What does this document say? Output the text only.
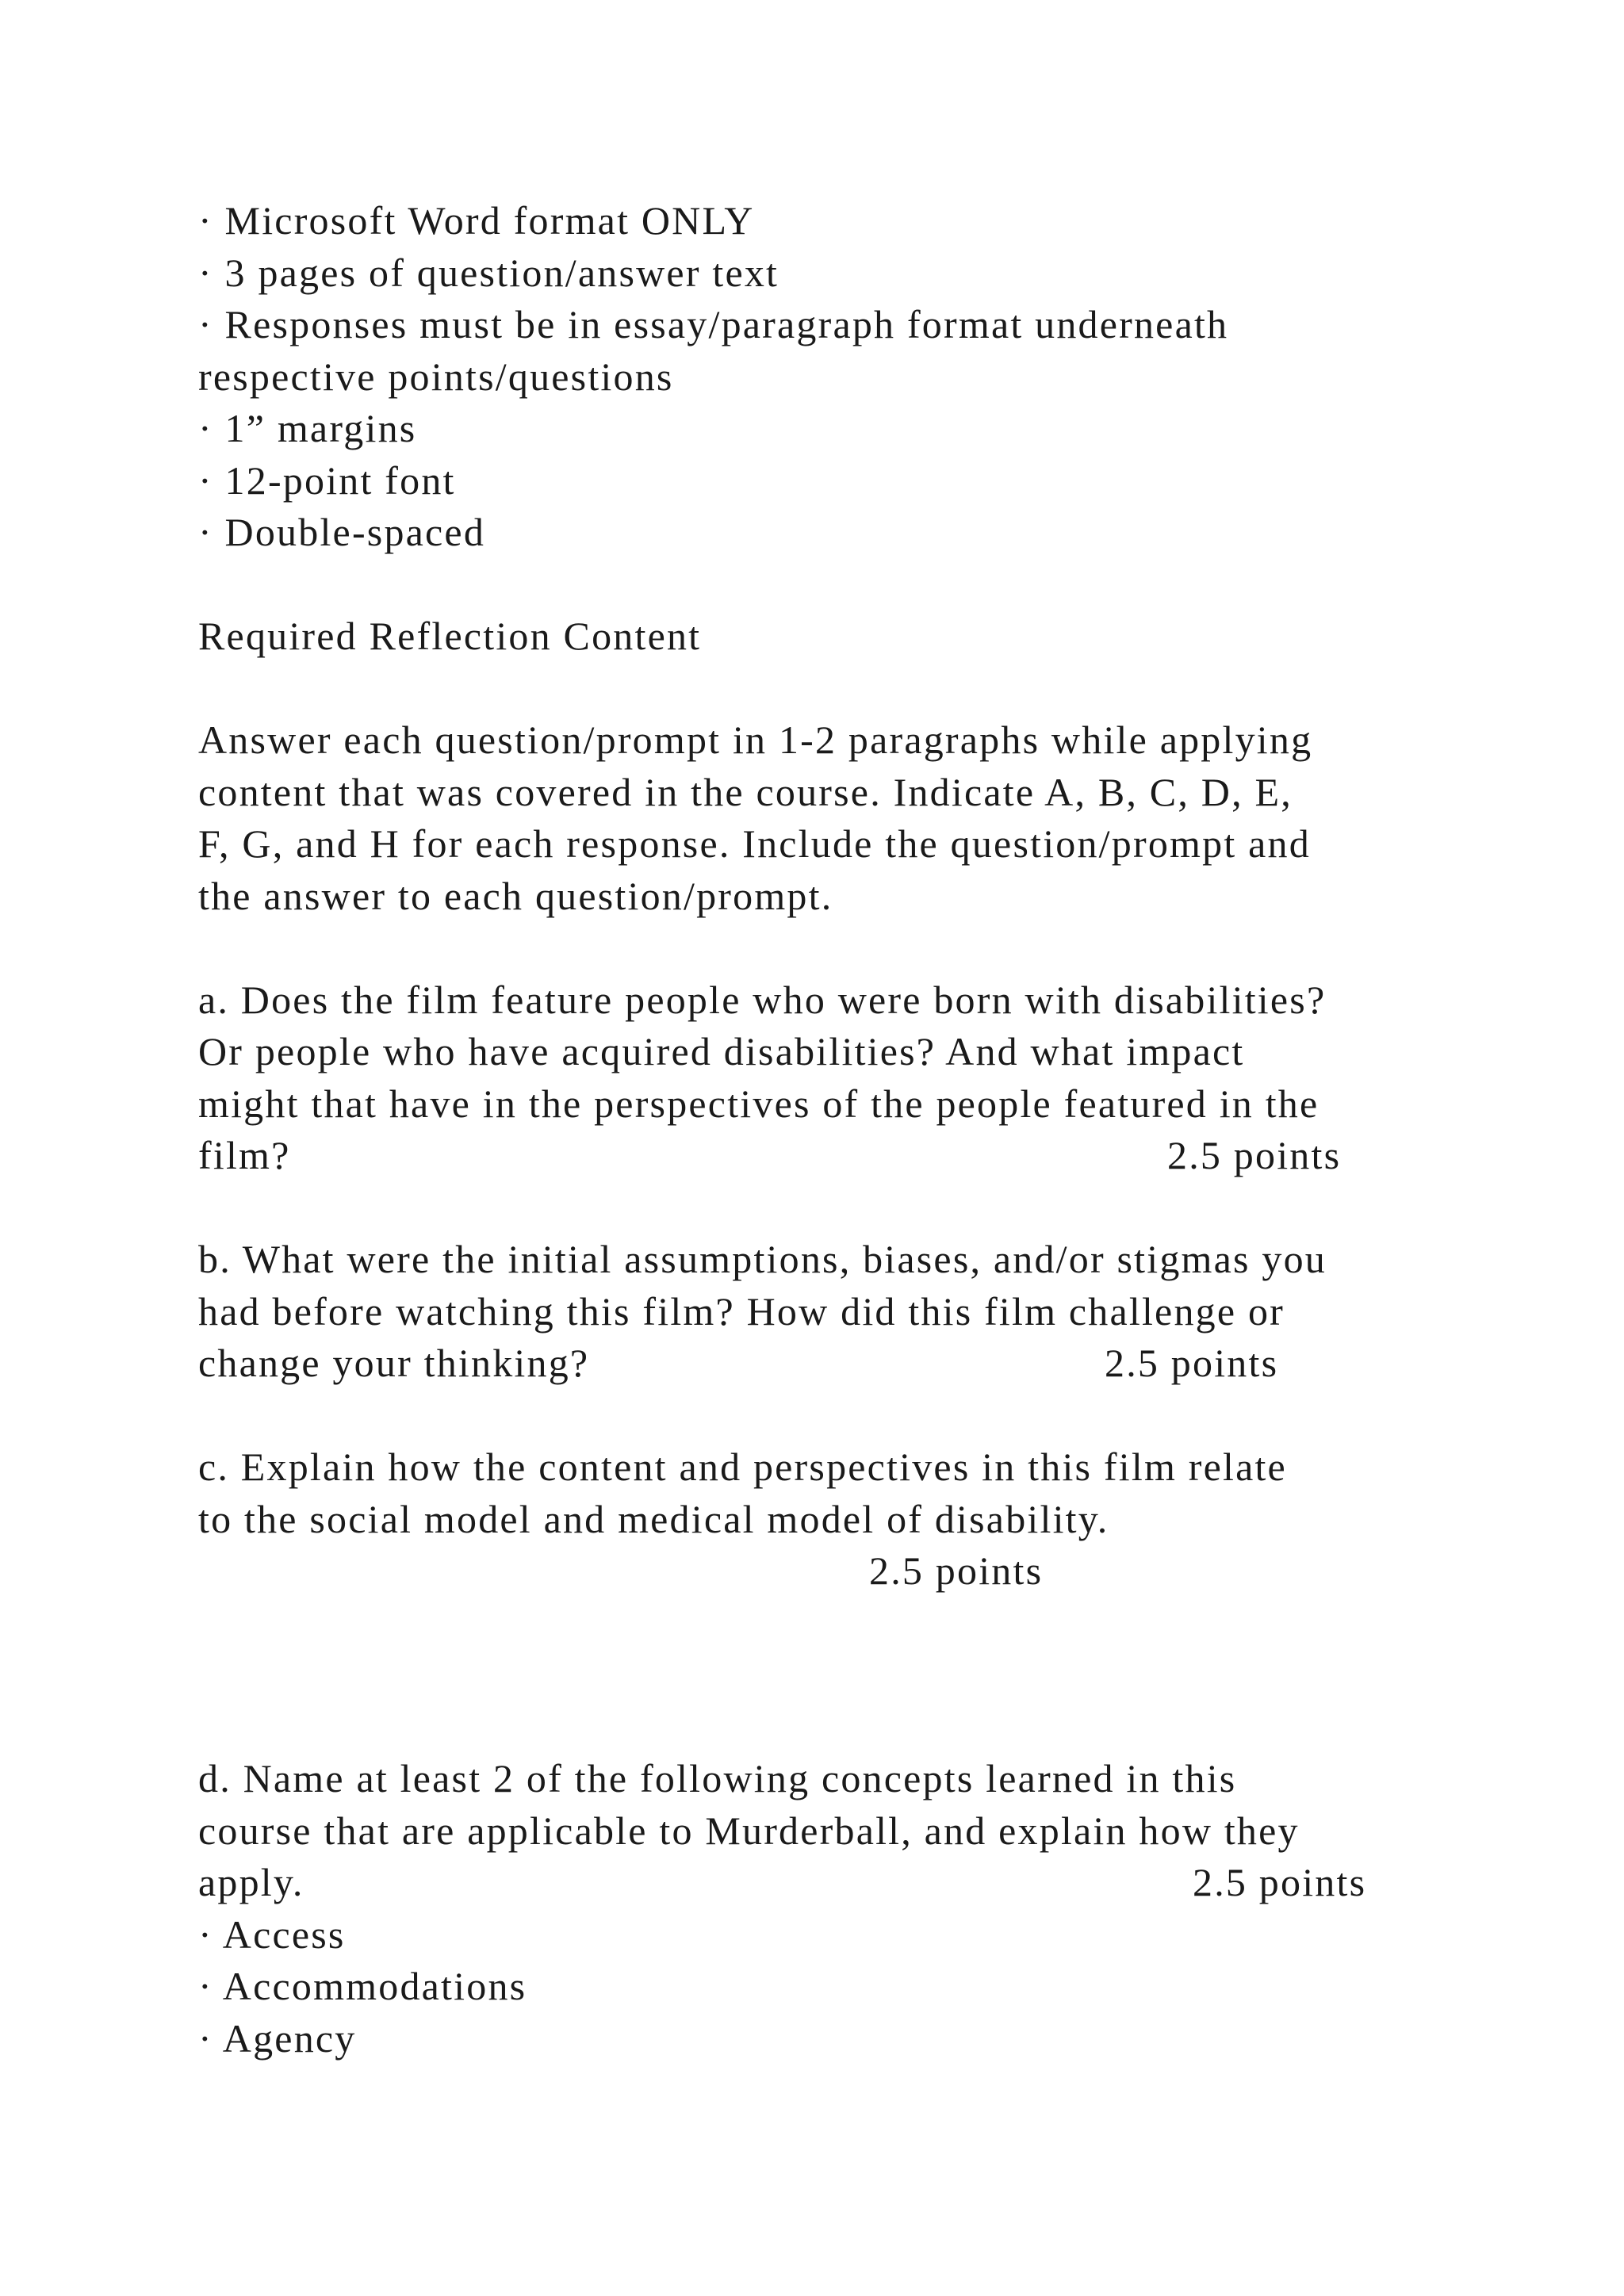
· Microsoft Word format ONLY
· 3 pages of question/answer text
· Responses must be in essay/paragraph format underneath
respective points/questions
· 1” margins
· 12-point font
· Double-spaced
Required Reflection Content
Answer each question/prompt in 1-2 paragraphs while applying
content that was covered in the course. Indicate A, B, C, D, E,
F, G, and H for each response. Include the question/prompt and
the answer to each question/prompt.
a. Does the film feature people who were born with disabilities?
Or people who have acquired disabilities? And what impact
might that have in the perspectives of the people featured in the
film?	2.5 points
b. What were the initial assumptions, biases, and/or stigmas you
had before watching this film? How did this film challenge or
change your thinking?	2.5 points
c. Explain how the content and perspectives in this film relate
to the social model and medical model of disability.
2.5 points
d. Name at least 2 of the following concepts learned in this
course that are applicable to Murderball, and explain how they
apply.	2.5 points
· Access
· Accommodations
· Agency
